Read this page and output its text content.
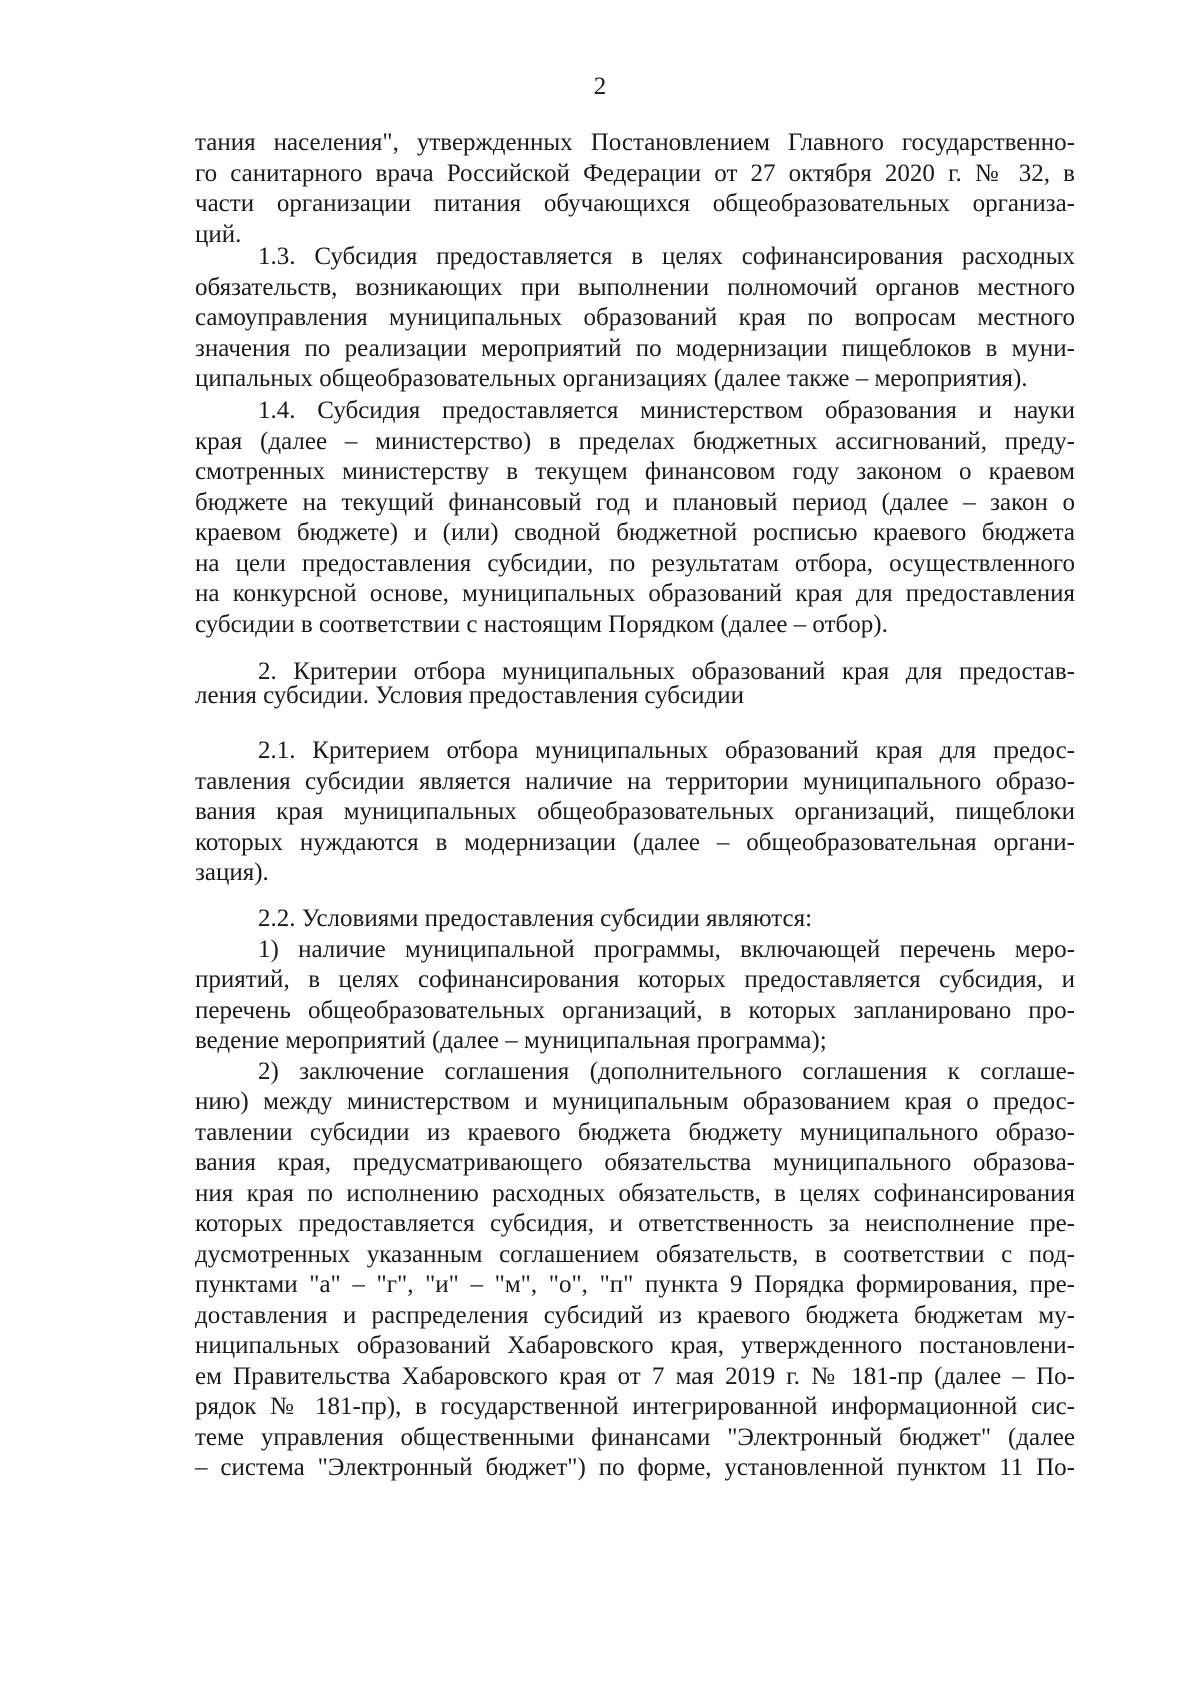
2
тания населения", утвержденных Постановлением Главного государственно-
го санитарного врача Российской Федерации от 27 октября 2020 г. № 32, в
части организации питания обучающихся общеобразовательных организа-
ций.
1.3. Субсидия предоставляется в целях софинансирования расходных
обязательств, возникающих при выполнении полномочий органов местного
самоуправления муниципальных образований края по вопросам местного
значения по реализации мероприятий по модернизации пищеблоков в муни-
ципальных общеобразовательных организациях (далее также – мероприятия).
1.4. Субсидия предоставляется министерством образования и науки
края (далее – министерство) в пределах бюджетных ассигнований, преду-
смотренных министерству в текущем финансовом году законом о краевом
бюджете на текущий финансовый год и плановый период (далее – закон о
краевом бюджете) и (или) сводной бюджетной росписью краевого бюджета
на цели предоставления субсидии, по результатам отбора, осуществленного
на конкурсной основе, муниципальных образований края для предоставления
субсидии в соответствии с настоящим Порядком (далее – отбор).
2. Критерии отбора муниципальных образований края для предостав-
ления субсидии. Условия предоставления субсидии
2.1. Критерием отбора муниципальных образований края для предос-
тавления субсидии является наличие на территории муниципального образо-
вания края муниципальных общеобразовательных организаций, пищеблоки
которых нуждаются в модернизации (далее – общеобразовательная органи-
зация).
2.2. Условиями предоставления субсидии являются:
1) наличие муниципальной программы, включающей перечень меро-
приятий, в целях софинансирования которых предоставляется субсидия, и
перечень общеобразовательных организаций, в которых запланировано про-
ведение мероприятий (далее – муниципальная программа);
2) заключение соглашения (дополнительного соглашения к соглаше-
нию) между министерством и муниципальным образованием края о предос-
тавлении субсидии из краевого бюджета бюджету муниципального образо-
вания края, предусматривающего обязательства муниципального образова-
ния края по исполнению расходных обязательств, в целях софинансирования
которых предоставляется субсидия, и ответственность за неисполнение пре-
дусмотренных указанным соглашением обязательств, в соответствии с под-
пунктами "а" – "г", "и" – "м", "о", "п" пункта 9 Порядка формирования, пре-
доставления и распределения субсидий из краевого бюджета бюджетам му-
ниципальных образований Хабаровского края, утвержденного постановлени-
ем Правительства Хабаровского края от 7 мая 2019 г. № 181-пр (далее – По-
рядок № 181-пр), в государственной интегрированной информационной сис-
теме управления общественными финансами "Электронный бюджет" (далее
– система "Электронный бюджет") по форме, установленной пунктом 11 По-
